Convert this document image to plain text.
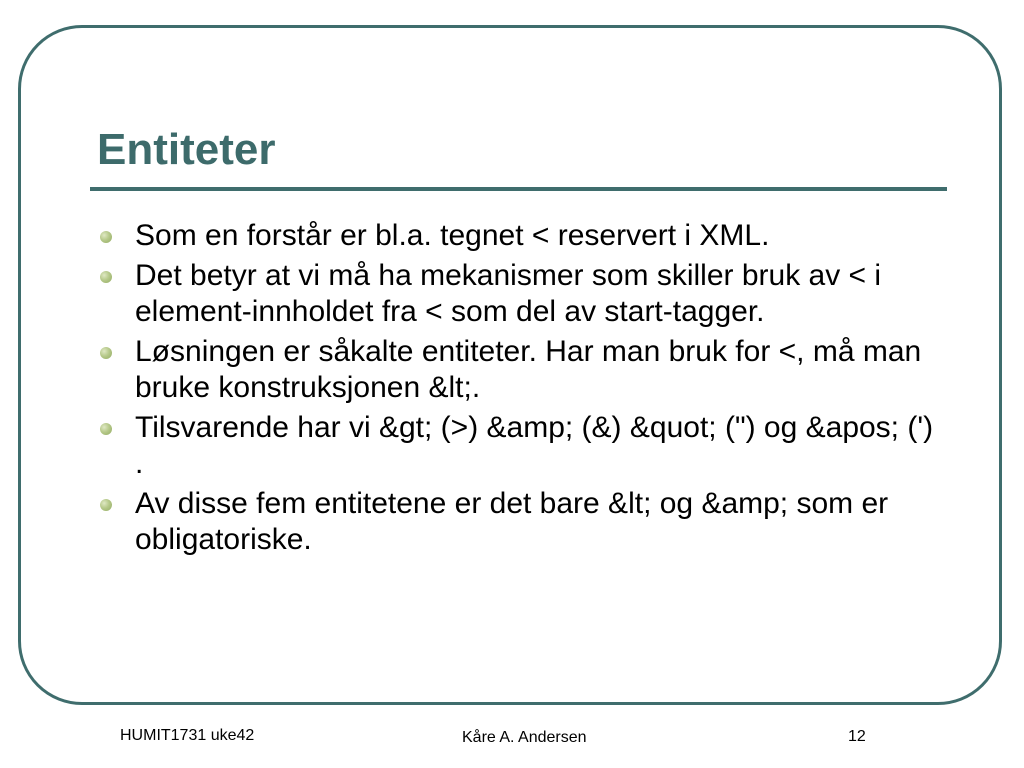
Entiteter
Som en forstår er bl.a. tegnet < reservert i XML.
Det betyr at vi må ha mekanismer som skiller bruk av < i element-innholdet fra < som del av start-tagger.
Løsningen er såkalte entiteter. Har man bruk for <, må man bruke konstruksjonen &lt;.
Tilsvarende har vi &gt; (>) &amp; (&) &quot; (") og &apos; (') .
Av disse fem entitetene er det bare &lt; og &amp; som er obligatoriske.
HUMIT1731 uke42	Kåre A. Andersen	12
